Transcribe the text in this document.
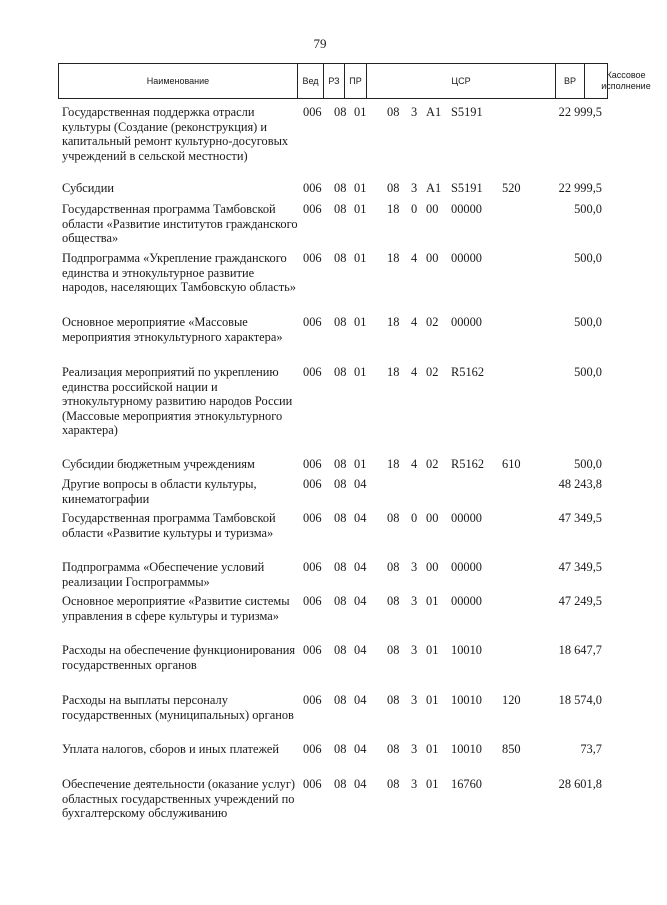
79
Наименование	Вед	РЗ	ПР	ЦСР	ВР
Кассовое
исполнение
Государственная поддержка отрасли культуры (Создание (реконструкция) и капитальный ремонт культурно-досуговых учреждений в сельской местности)
006 08 01 08 3 A1 S5191	22 999,5
Субсидии	006 08 01 08 3 A1 S5191 520	22 999,5
Государственная программа Тамбовской области «Развитие институтов гражданского общества»
006 08 01 18 0 00 00000	500,0
Подпрограмма «Укрепление гражданского единства и этнокультурное развитие народов, населяющих Тамбовскую область»
006 08 01 18 4 00 00000	500,0
Основное мероприятие «Массовые мероприятия этнокультурного характера»
006 08 01 18 4 02 00000	500,0
Реализация мероприятий по укреплению единства российской нации и этнокультурному развитию народов России (Массовые мероприятия этнокультурного характера)
006 08 01 18 4 02 R5162	500,0
Субсидии бюджетным учреждениям	006 08 01 18 4 02 R5162 610	500,0
Другие вопросы в области культуры, кинематографии
006 08 04	48 243,8
Государственная программа Тамбовской области «Развитие культуры и туризма»
006 08 04 08 0 00 00000	47 349,5
Подпрограмма «Обеспечение условий реализации Госпрограммы»
006 08 04 08 3 00 00000	47 349,5
Основное мероприятие «Развитие системы управления в сфере культуры и туризма»
006 08 04 08 3 01 00000	47 249,5
Расходы на обеспечение функционирования государственных органов
006 08 04 08 3 01 10010	18 647,7
Расходы на выплаты персоналу государственных (муниципальных) органов
006 08 04 08 3 01 10010 120	18 574,0
Уплата налогов, сборов и иных платежей	006 08 04 08 3 01 10010 850	73,7
Обеспечение деятельности (оказание услуг) областных государственных учреждений по бухгалтерскому обслуживанию
006 08 04 08 3 01 16760	28 601,8
